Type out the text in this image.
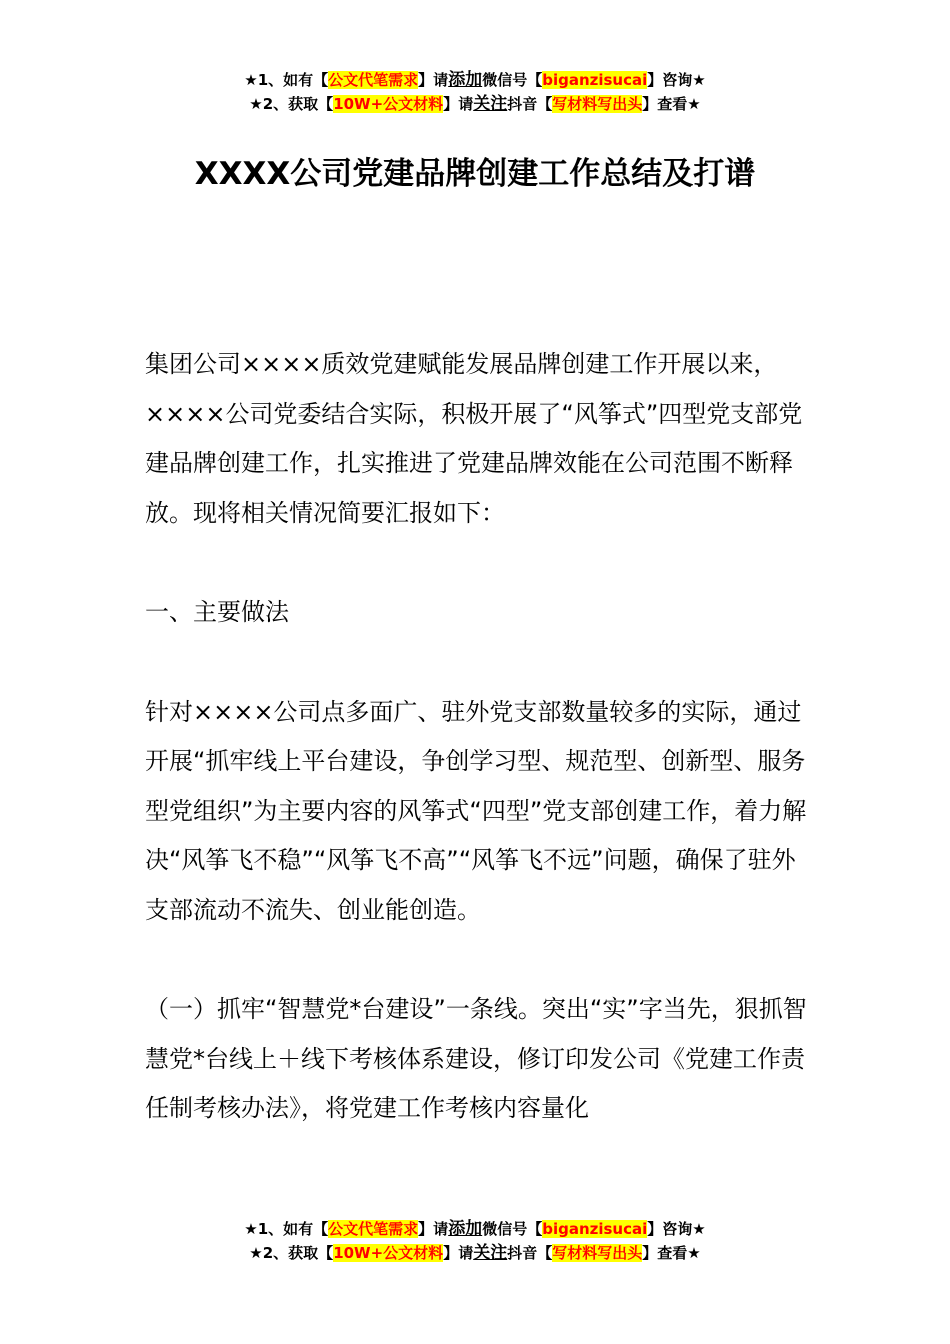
★1、如有【公文代笔需求】请添加微信号【biganzisucai】咨询★
★2、获取【10W+公文材料】请关注抖音【写材料写出头】查看★
XXXX公司党建品牌创建工作总结及打谱

集团公司××××质效党建赋能发展品牌创建工作开展以来，××××公司党委结合实际，积极开展了“风筝式”四型党支部党建品牌创建工作，扎实推进了党建品牌效能在公司范围不断释放。现将相关情况简要汇报如下：

一、主要做法

针对××××公司点多面广、驻外党支部数量较多的实际，通过开展“抓牢线上平台建设，争创学习型、规范型、创新型、服务型党组织”为主要内容的风筝式“四型”党支部创建工作，着力解决“风筝飞不稳”“风筝飞不高”“风筝飞不远”问题，确保了驻外支部流动不流失、创业能创造。

（一）抓牢“智慧党*台建设”一条线。突出“实”字当先，狠抓智慧党*台线上＋线下考核体系建设，修订印发公司《党建工作责任制考核办法》，将党建工作考核内容量化

★1、如有【公文代笔需求】请添加微信号【biganzisucai】咨询★
★2、获取【10W+公文材料】请关注抖音【写材料写出头】查看★
